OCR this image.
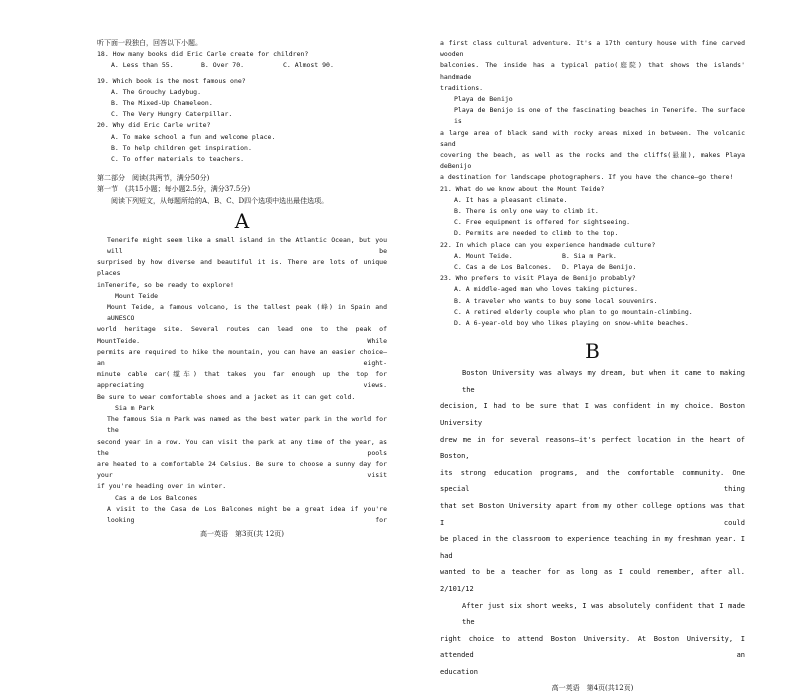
听下面一段独白，回答以下小题。
18. How many books did Eric Carle create for children?
A. Less than 55.	B. Over 70.	C. Almost 90.
19. Which book is the most famous one?
A. The Grouchy Ladybug.
B. The Mixed-Up Chameleon.
C. The Very Hungry Caterpillar.
20. Why did Eric Carle write?
A. To make school a fun and welcome place.
B. To help children get inspiration.
C. To offer materials to teachers.
第二部分　阅读(共两节，满分50分)
第一节　(共15小题；每小题2.5分，满分37.5分)
阅读下列短文，从每题所给的A、B、C、D四个选项中选出最佳选项。
A
Tenerife might seem like a small island in the Atlantic Ocean, but you will be
surprised by how diverse and beautiful it is. There are lots of unique places
inTenerife, so be ready to explore!
Mount Teide
Mount Teide, a famous volcano, is the tallest peak (峰) in Spain and aUNESCO
world heritage site. Several routes can lead one to the peak of MountTeide. While
permits are required to hike the mountain, you can have an easier choice—an eight-
minute cable car(缆车) that takes you far enough up the top for appreciating views.
Be sure to wear comfortable shoes and a jacket as it can get cold.
Sia m Park
The famous Sia m Park was named as the best water park in the world for the
second year in a row. You can visit the park at any time of the year, as the pools
are heated to a comfortable 24 Celsius. Be sure to choose a sunny day for your visit
if you're heading over in winter.
Cas a de Los Balcones
A visit to the Casa de Los Balcones might be a great idea if you're looking for
高一英语　第3页(共 12页)
a first class cultural adventure. It's a 17th century house with fine carved wooden
balconies. The inside has a typical patio(庭院) that shows the islands' handmade
traditions.
Playa de Benijo
Playa de Benijo is one of the fascinating beaches in Tenerife. The surface is
a large area of black sand with rocky areas mixed in between. The volcanic sand
covering the beach, as well as the rocks and the cliffs(悬崖), makes Playa deBenijo
a destination for landscape photographers. If you have the chance—go there!
21. What do we know about the Mount Teide?
A. It has a pleasant climate.
B. There is only one way to climb it.
C. Free equipment is offered for sightseeing.
D. Permits are needed to climb to the top.
22. In which place can you experience handmade culture?
A. Mount Teide.	B. Sia m Park.
C. Cas a de Los Balcones.	D. Playa de Benijo.
23. Who prefers to visit Playa de Benijo probably?
A. A middle-aged man who loves taking pictures.
B. A traveler who wants to buy some local souvenirs.
C. A retired elderly couple who plan to go mountain-climbing.
D. A 6-year-old boy who likes playing on snow-white beaches.
B
Boston University was always my dream, but when it came to making the
decision, I had to be sure that I was confident in my choice. Boston University
drew me in for several reasons—it's perfect location in the heart of Boston,
its strong education programs, and the comfortable community. One special thing
that set Boston University apart from my other college options was that I could
be placed in the classroom to experience teaching in my freshman year. I had
wanted to be a teacher for as long as I could remember, after all. 2/101/12
After just six short weeks, I was absolutely confident that I made the
right choice to attend Boston University. At Boston University, I attended an
education
高一英语　第4页(共12页)
